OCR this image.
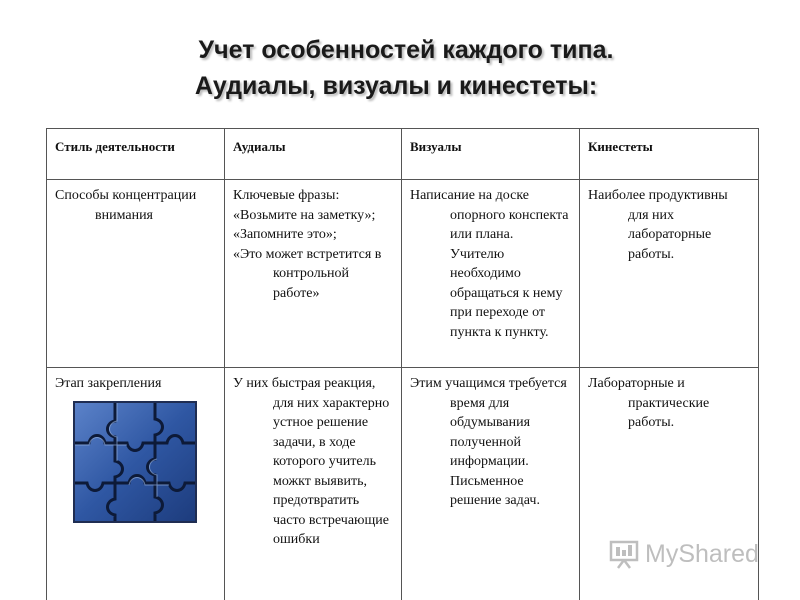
Учет особенностей каждого типа.
Аудиалы, визуалы и кинестеты:
Стиль деятельности	Аудиалы	Визуалы	Кинестеты

Способы концентрации внимания	Ключевые фразы:
«Возьмите на заметку»;
«Запомните это»;
«Это может встретится в контрольной работе»	Написание на доске опорного конспекта или плана. Учителю необходимо обращаться к нему при переходе от пункта к пункту.	Наиболее продуктивны для них лабораторные работы.

Этап закрепления	У них быстрая реакция, для них характерно устное решение задачи, в ходе которого учитель можкт выявить, предотвратить часто встречающие ошибки	Этим учащимся требуется время для обдумывания полученной информации. Письменное решение задач.	Лабораторные и практические работы.
MyShared
